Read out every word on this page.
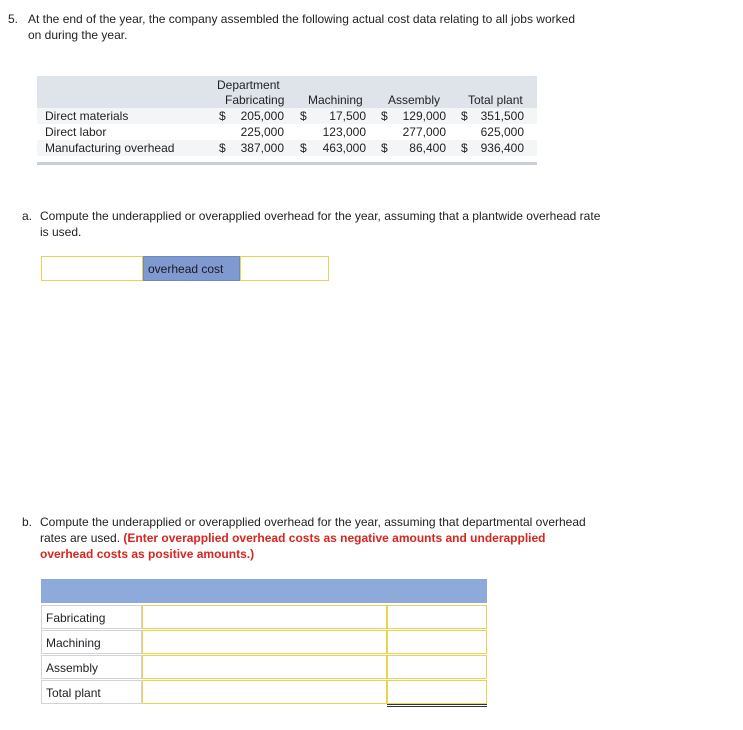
5. At the end of the year, the company assembled the following actual cost data relating to all jobs worked
on during the year.
Department
Fabricating Machining Assembly Total plant
Direct materials	$	205,000 $	17,500 $	129,000 $	351,500
Direct labor	225,000	123,000	277,000	625,000
Manufacturing overhead	$	387,000 $	463,000 $	86,400 $	936,400
a. Compute the underapplied or overapplied overhead for the year, assuming that a plantwide overhead rate
is used.
overhead cost
b. Compute the underapplied or overapplied overhead for the year, assuming that departmental overhead
rates are used. (Enter overapplied overhead costs as negative amounts and underapplied
overhead costs as positive amounts.)
Fabricating
Machining
Assembly
Total plant
